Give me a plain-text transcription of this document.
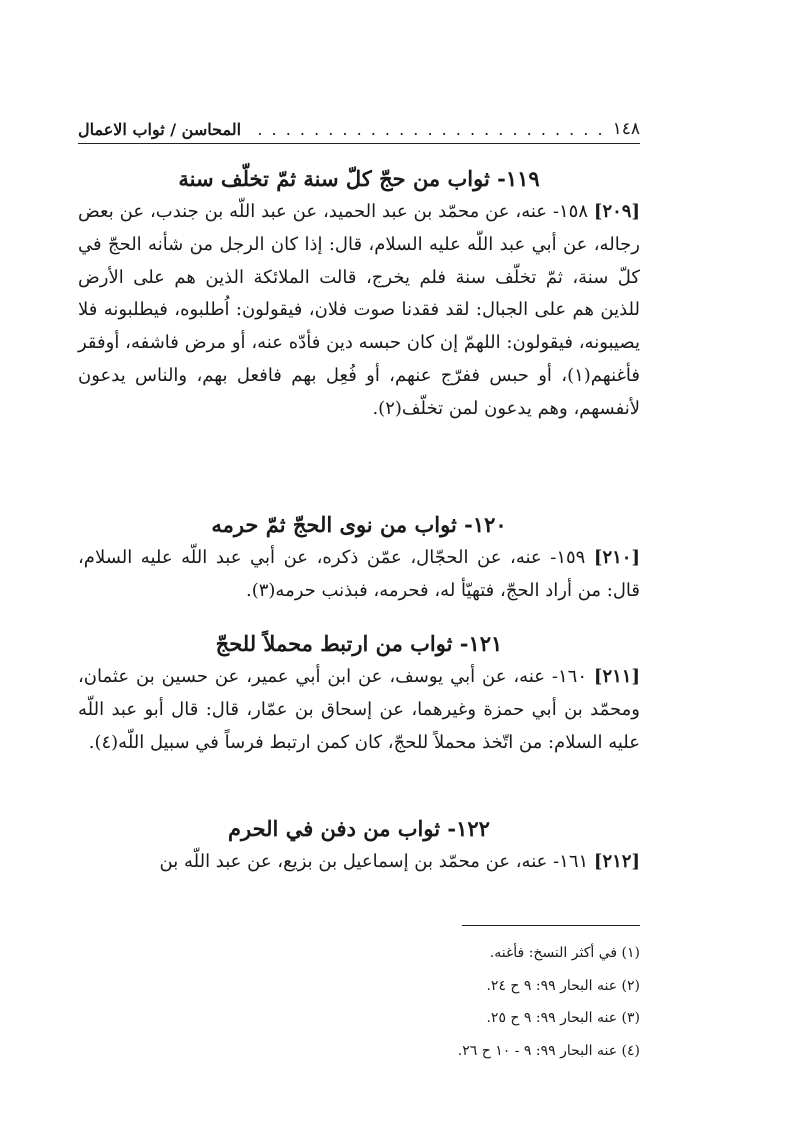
١٤٨
. . .
المحاسن / ثواب الاعمال
١١٩- ثواب من حجّ كلّ سنة ثمّ تخلّف سنة
[٢٠٩] ١٥٨- عنه، عن محمّد بن عبد الحميد، عن عبد اللّه بن جندب، عن بعض رجاله، عن أبي عبد اللّه عليه السلام، قال: إذا كان الرجل من شأنه الحجّ في كلّ سنة، ثمّ تخلّف سنة فلم يخرج، قالت الملائكة الذين هم على الأرض للذين هم على الجبال: لقد فقدنا صوت فلان، فيقولون: اُطلبوه، فيطلبونه فلا يصيبونه، فيقولون: اللهمّ إن كان حبسه دين فأدّه عنه، أو مرض فاشفه، أوفقر فأغنهم(١)، أو حبس ففرّج عنهم، أو فُعِل بهم فافعل بهم، والناس يدعون لأنفسهم، وهم يدعون لمن تخلّف(٢).
١٢٠- ثواب من نوى الحجّ ثمّ حرمه
[٢١٠] ١٥٩- عنه، عن الحجّال، عمّن ذكره، عن أبي عبد اللّه عليه السلام، قال: من أراد الحجّ، فتهيّأ له، فحرمه، فبذنب حرمه(٣).
١٢١- ثواب من ارتبط محملاً للحجّ
[٢١١] ١٦٠- عنه، عن أبي يوسف، عن ابن أبي عمير، عن حسين بن عثمان، ومحمّد بن أبي حمزة وغيرهما، عن إسحاق بن عمّار، قال: قال أبو عبد اللّه عليه السلام: من اتّخذ محملاً للحجّ، كان كمن ارتبط فرساً في سبيل اللّه(٤).
١٢٢- ثواب من دفن في الحرم
[٢١٢] ١٦١- عنه، عن محمّد بن إسماعيل بن بزيع، عن عبد اللّه بن
(١) في أكثر النسخ: فأغنه.
(٢) عنه البحار ٩٩: ٩ ح ٢٤.
(٣) عنه البحار ٩٩: ٩ ح ٢٥.
(٤) عنه البحار ٩٩: ٩ - ١٠ ح ٢٦.
